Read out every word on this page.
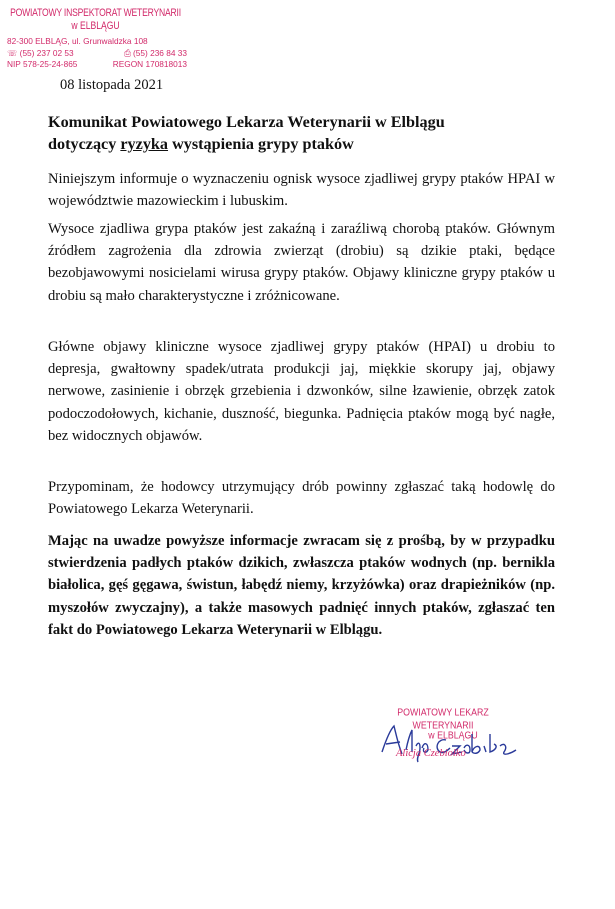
POWIATOWY INSPEKTORAT WETERYNARII
w ELBLĄGU
82-300 ELBLĄG, ul. Grunwaldzka 108
☏ (55) 237 02 53	⎙ (55) 236 84 33
NIP 578-25-24-865	REGON 170818013
08 listopada 2021
Komunikat Powiatowego Lekarza Weterynarii w Elblągu
dotyczący ryzyka wystąpienia grypy ptaków
Niniejszym informuje o wyznaczeniu ognisk wysoce zjadliwej grypy ptaków HPAI w województwie mazowieckim i lubuskim.
Wysoce zjadliwa grypa ptaków jest zakaźną i zaraźliwą chorobą ptaków. Głównym źródłem zagrożenia dla zdrowia zwierząt (drobiu) są dzikie ptaki, będące bezobjawowymi nosicielami wirusa grypy ptaków. Objawy kliniczne grypy ptaków u drobiu są mało charakterystyczne i zróżnicowane.
Główne objawy kliniczne wysoce zjadliwej grypy ptaków (HPAI) u drobiu to depresja, gwałtowny spadek/utrata produkcji jaj, miękkie skorupy jaj, objawy nerwowe, zasinienie i obrzęk grzebienia i dzwonków, silne łzawienie, obrzęk zatok podoczodołowych, kichanie, duszność, biegunka. Padnięcia ptaków mogą być nagłe, bez widocznych objawów.
Przypominam, że hodowcy utrzymujący drób powinny zgłaszać taką hodowlę do Powiatowego Lekarza Weterynarii.
Mając na uwadze powyższe informacje zwracam się z prośbą, by w przypadku stwierdzenia padłych ptaków dzikich, zwłaszcza ptaków wodnych (np. bernikla białolica, gęś gęgawa, świstun, łabędź niemy, krzyżówka) oraz drapieżników (np. myszołów zwyczajny), a także masowych padnięć innych ptaków, zgłaszać ten fakt do Powiatowego Lekarza Weterynarii w Elblągu.
POWIATOWY LEKARZ WETERYNARII
w ELBLĄGU
Alicja Czebiołko
